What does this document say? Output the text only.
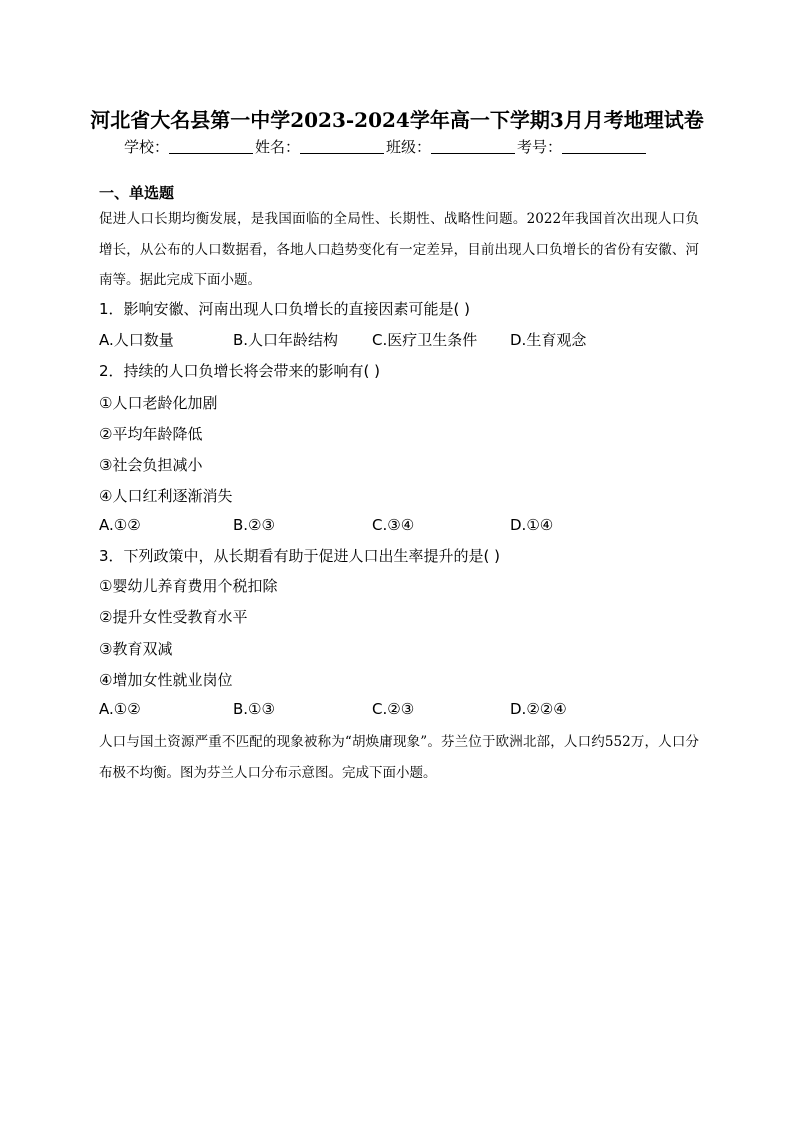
河北省大名县第一中学2023-2024学年高一下学期3月月考地理试卷
学校：	姓名：	班级：	考号：
一、单选题
促进人口长期均衡发展，是我国面临的全局性、长期性、战略性问题。2022年我国首次出现人口负增长，从公布的人口数据看，各地人口趋势变化有一定差异，目前出现人口负增长的省份有安徽、河南等。据此完成下面小题。
1．影响安徽、河南出现人口负增长的直接因素可能是( )
A.人口数量	B.人口年龄结构 C.医疗卫生条件 D.生育观念
2．持续的人口负增长将会带来的影响有( )
①人口老龄化加剧
②平均年龄降低
③社会负担减小
④人口红利逐渐消失
A.①②	B.②③	C.③④	D.①④
3．下列政策中，从长期看有助于促进人口出生率提升的是( )
①婴幼儿养育费用个税扣除
②提升女性受教育水平
③教育双减
④增加女性就业岗位
A.①②	B.①③	C.②③	D.②②④
人口与国土资源严重不匹配的现象被称为“胡焕庸现象”。芬兰位于欧洲北部，人口约552万，人口分布极不均衡。图为芬兰人口分布示意图。完成下面小题。
